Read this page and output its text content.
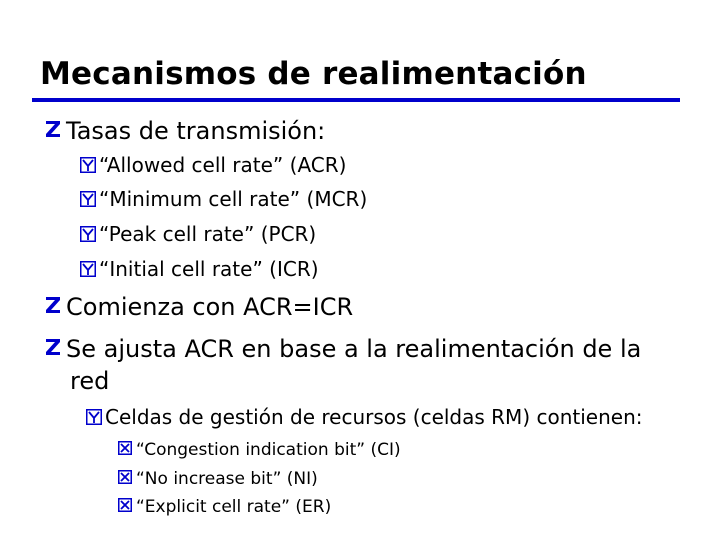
Mecanismos de realimentación
Tasas de transmisión:
“Allowed cell rate” (ACR)
“Minimum cell rate” (MCR)
“Peak cell rate” (PCR)
“Initial cell rate” (ICR)
Comienza con ACR=ICR
Se ajusta ACR en base a la realimentación de la
red
Celdas de gestión de recursos (celdas RM) contienen:
“Congestion indication bit” (CI)
“No increase bit” (NI)
“Explicit cell rate” (ER)
